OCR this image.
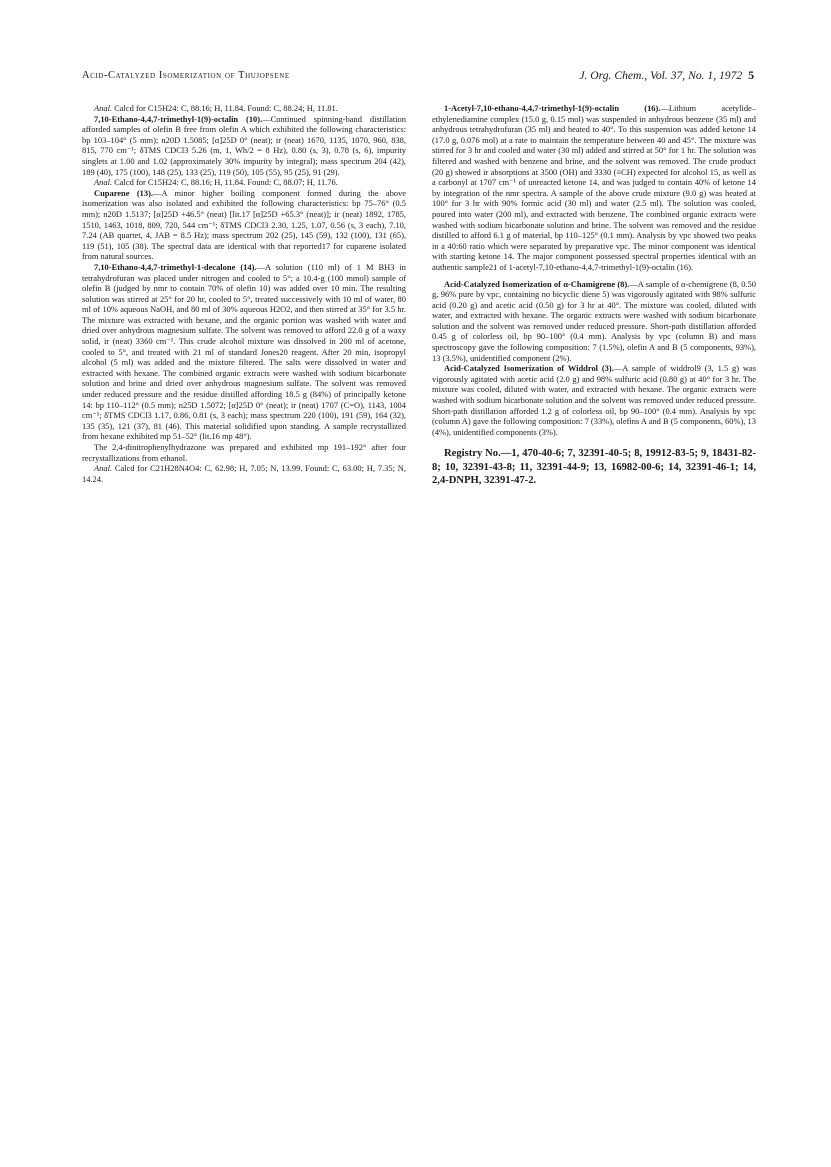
Acid-Catalyzed Isomerization of Thujopsene	J. Org. Chem., Vol. 37, No. 1, 1972 5

Anal. Calcd for C15H24: C, 88.16; H, 11.84. Found: C, 88.24; H, 11.81.

7,10-Ethano-4,4,7-trimethyl-1(9)-octalin (10).—Continued spinning-band distillation afforded samples of olefin B free from olefin A which exhibited the following characteristics: bp 103–104° (5 mm); n20D 1.5085; [α]25D 0° (neat); ir (neat) 1670, 1135, 1070, 960, 838, 815, 770 cm⁻¹; δTMS CDCl3 5.26 (m, 1, Wh/2 = 8 Hz), 0.80 (s, 3), 0.78 (s, 6), impurity singlets at 1.00 and 1.02 (approximately 30% impurity by integral); mass spectrum 204 (42), 189 (40), 175 (100), 148 (25), 133 (25), 119 (50), 105 (55), 95 (25), 91 (29).

Anal. Calcd for C15H24: C, 88.16; H, 11.84. Found: C, 88.07; H, 11.76.

Cuparene (13).—A minor higher boiling component formed during the above isomerization was also isolated and exhibited the following characteristics: bp 75–76° (0.5 mm); n20D 1.5137; [α]25D +46.5° (neat) [lit.17 [α]25D +65.3° (neat)]; ir (neat) 1892, 1785, 1510, 1463, 1018, 809, 720, 544 cm⁻¹; δTMS CDCl3 2.30, 1.25, 1.07, 0.56 (s, 3 each), 7.10, 7.24 (AB quartet, 4, JAB = 8.5 Hz); mass spectrum 202 (25), 145 (59), 132 (100), 131 (65), 119 (51), 105 (38). The spectral data are identical with that reported17 for cuparene isolated from natural sources.

7,10-Ethano-4,4,7-trimethyl-1-decalone (14).—A solution (110 ml) of 1 M BH3 in tetrahydrofuran was placed under nitrogen and cooled to 5°; a 10.4-g (100 mmol) sample of olefin B (judged by nmr to contain 70% of olefin 10) was added over 10 min. The resulting solution was stirred at 25° for 20 hr, cooled to 5°, treated successively with 10 ml of water, 80 ml of 10% aqueous NaOH, and 80 ml of 30% aqueous H2O2, and then stirred at 35° for 3.5 hr. The mixture was extracted with hexane, and the organic portion was washed with water and dried over anhydrous magnesium sulfate. The solvent was removed to afford 22.0 g of a waxy solid, ir (neat) 3360 cm⁻¹. This crude alcohol mixture was dissolved in 200 ml of acetone, cooled to 5°, and treated with 21 ml of standard Jones20 reagent. After 20 min, isopropyl alcohol (5 ml) was added and the mixture filtered. The salts were dissolved in water and extracted with hexane. The combined organic extracts were washed with sodium bicarbonate solution and brine and dried over anhydrous magnesium sulfate. The solvent was removed under reduced pressure and the residue distilled affording 18.5 g (84%) of principally ketone 14: bp 110–112° (0.5 mm); n25D 1.5072; [α]25D 0° (neat); ir (neat) 1707 (C=O), 1143, 1004 cm⁻¹; δTMS CDCl3 1.17, 0.86, 0.81 (s, 3 each); mass spectrum 220 (100), 191 (59), 164 (32), 135 (35), 121 (37), 81 (46). This material solidified upon standing. A sample recrystallized from hexane exhibited mp 51–52° (lit.16 mp 48°).

The 2,4-dinitrophenylhydrazone was prepared and exhibited mp 191–192° after four recrystallizations from ethanol.

Anal. Calcd for C21H28N4O4: C, 62.98; H, 7.05; N, 13.99. Found: C, 63.00; H, 7.35; N, 14.24.

1-Acetyl-7,10-ethano-4,4,7-trimethyl-1(9)-octalin (16).—Lithium acetylide–ethylenediamine complex (15.0 g, 0.15 mol) was suspended in anhydrous benzene (35 ml) and anhydrous tetrahydrofuran (35 ml) and heated to 40°. To this suspension was added ketone 14 (17.0 g, 0.076 mol) at a rate to maintain the temperature between 40 and 45°. The mixture was stirred for 3 hr and cooled and water (30 ml) added and stirred at 50° for 1 hr. The solution was filtered and washed with benzene and brine, and the solvent was removed. The crude product (20 g) showed ir absorptions at 3500 (OH) and 3330 (≡CH) expected for alcohol 15, as well as a carbonyl at 1707 cm⁻¹ of unreacted ketone 14, and was judged to contain 40% of ketone 14 by integration of the nmr spectra. A sample of the above crude mixture (9.0 g) was heated at 100° for 3 hr with 90% formic acid (30 ml) and water (2.5 ml). The solution was cooled, poured into water (200 ml), and extracted with benzene. The combined organic extracts were washed with sodium bicarbonate solution and brine. The solvent was removed and the residue distilled to afford 6.1 g of material, bp 110–125° (0.1 mm). Analysis by vpc showed two peaks in a 40:60 ratio which were separated by preparative vpc. The minor component was identical with starting ketone 14. The major component possessed spectral properties identical with an authentic sample21 of 1-acetyl-7,10-ethano-4,4,7-trimethyl-1(9)-octalin (16).

Acid-Catalyzed Isomerization of α-Chamigrene (8).—A sample of α-chemigrene (8, 0.50 g, 96% pure by vpc, containing no bicyclic diene 5) was vigorously agitated with 98% sulfuric acid (0.20 g) and acetic acid (0.50 g) for 3 hr at 40°. The mixture was cooled, diluted with water, and extracted with hexane. The organic extracts were washed with sodium bicarbonate solution and the solvent was removed under reduced pressure. Short-path distillation afforded 0.45 g of colorless oil, bp 90–100° (0.4 mm). Analysis by vpc (column B) and mass spectroscopy gave the following composition: 7 (1.5%), olefin A and B (5 components, 93%), 13 (3.5%), unidentified component (2%).

Acid-Catalyzed Isomerization of Widdrol (3).—A sample of widdrol9 (3, 1.5 g) was vigorously agitated with acetic acid (2.0 g) and 98% sulfuric acid (0.80 g) at 40° for 3 hr. The mixture was cooled, diluted with water, and extracted with hexane. The organic extracts were washed with sodium bicarbonate solution and the solvent was removed under reduced pressure. Short-path distillation afforded 1.2 g of colorless oil, bp 90–100° (0.4 mm). Analysis by vpc (column A) gave the following composition: 7 (33%), olefins A and B (5 components, 60%), 13 (4%), unidentified components (3%).

Registry No.—1, 470-40-6; 7, 32391-40-5; 8, 19912-83-5; 9, 18431-82-8; 10, 32391-43-8; 11, 32391-44-9; 13, 16982-00-6; 14, 32391-46-1; 14, 2,4-DNPH, 32391-47-2.
